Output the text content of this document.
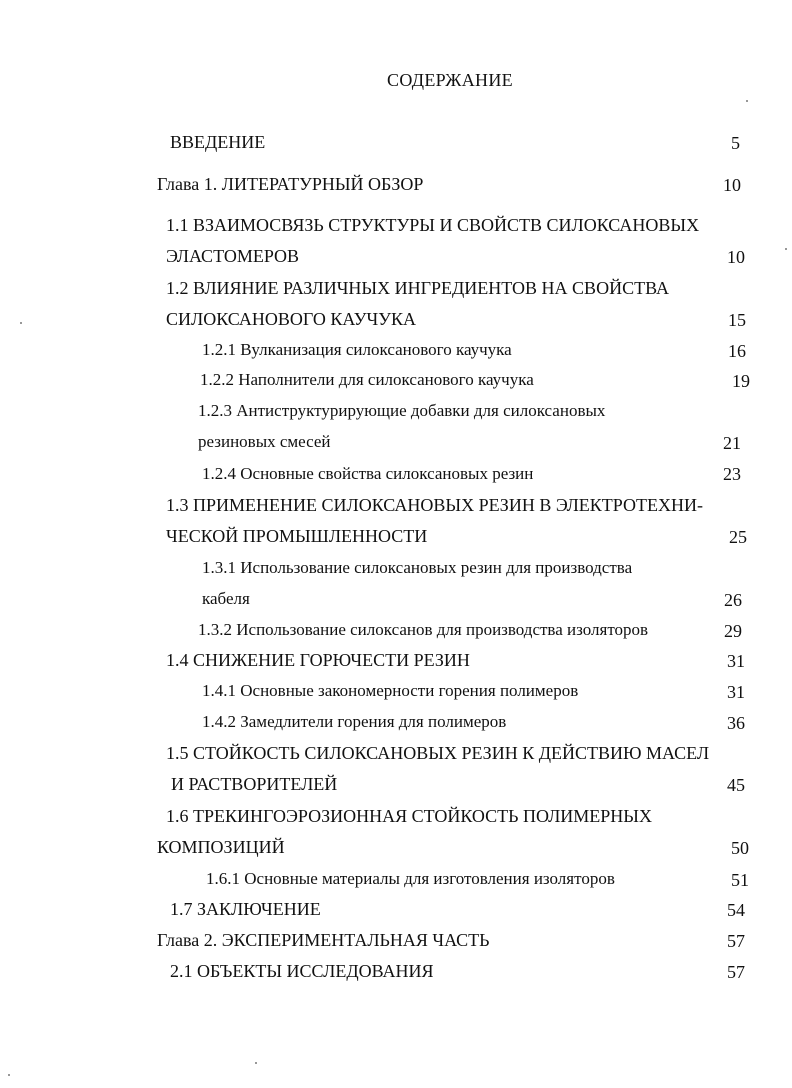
СОДЕРЖАНИЕ
ВВЕДЕНИЕ	5
Глава 1. ЛИТЕРАТУРНЫЙ ОБЗОР	10
1.1 ВЗАИМОСВЯЗЬ СТРУКТУРЫ И СВОЙСТВ СИЛОКСАНОВЫХ
ЭЛАСТОМЕРОВ	10
1.2 ВЛИЯНИЕ РАЗЛИЧНЫХ ИНГРЕДИЕНТОВ НА СВОЙСТВА
СИЛОКСАНОВОГО КАУЧУКА	15
1.2.1 Вулканизация силоксанового каучука	16
1.2.2 Наполнители для силоксанового каучука	19
1.2.3 Антиструктурирующие добавки для силоксановых
резиновых смесей	21
1.2.4 Основные свойства силоксановых резин	23
1.3 ПРИМЕНЕНИЕ СИЛОКСАНОВЫХ РЕЗИН В ЭЛЕКТРОТЕХНИ-
ЧЕСКОЙ ПРОМЫШЛЕННОСТИ	25
1.3.1 Использование силоксановых резин для производства
кабеля	26
1.3.2 Использование силоксанов для производства изоляторов	29
1.4 СНИЖЕНИЕ ГОРЮЧЕСТИ РЕЗИН	31
1.4.1 Основные закономерности горения полимеров	31
1.4.2 Замедлители горения для полимеров	36
1.5 СТОЙКОСТЬ СИЛОКСАНОВЫХ РЕЗИН К ДЕЙСТВИЮ МАСЕЛ
И РАСТВОРИТЕЛЕЙ	45
1.6 ТРЕКИНГОЭРОЗИОННАЯ СТОЙКОСТЬ ПОЛИМЕРНЫХ
КОМПОЗИЦИЙ	50
1.6.1 Основные материалы для изготовления изоляторов	51
1.7 ЗАКЛЮЧЕНИЕ	54
Глава 2. ЭКСПЕРИМЕНТАЛЬНАЯ ЧАСТЬ	57
2.1 ОБЪЕКТЫ ИССЛЕДОВАНИЯ	57
